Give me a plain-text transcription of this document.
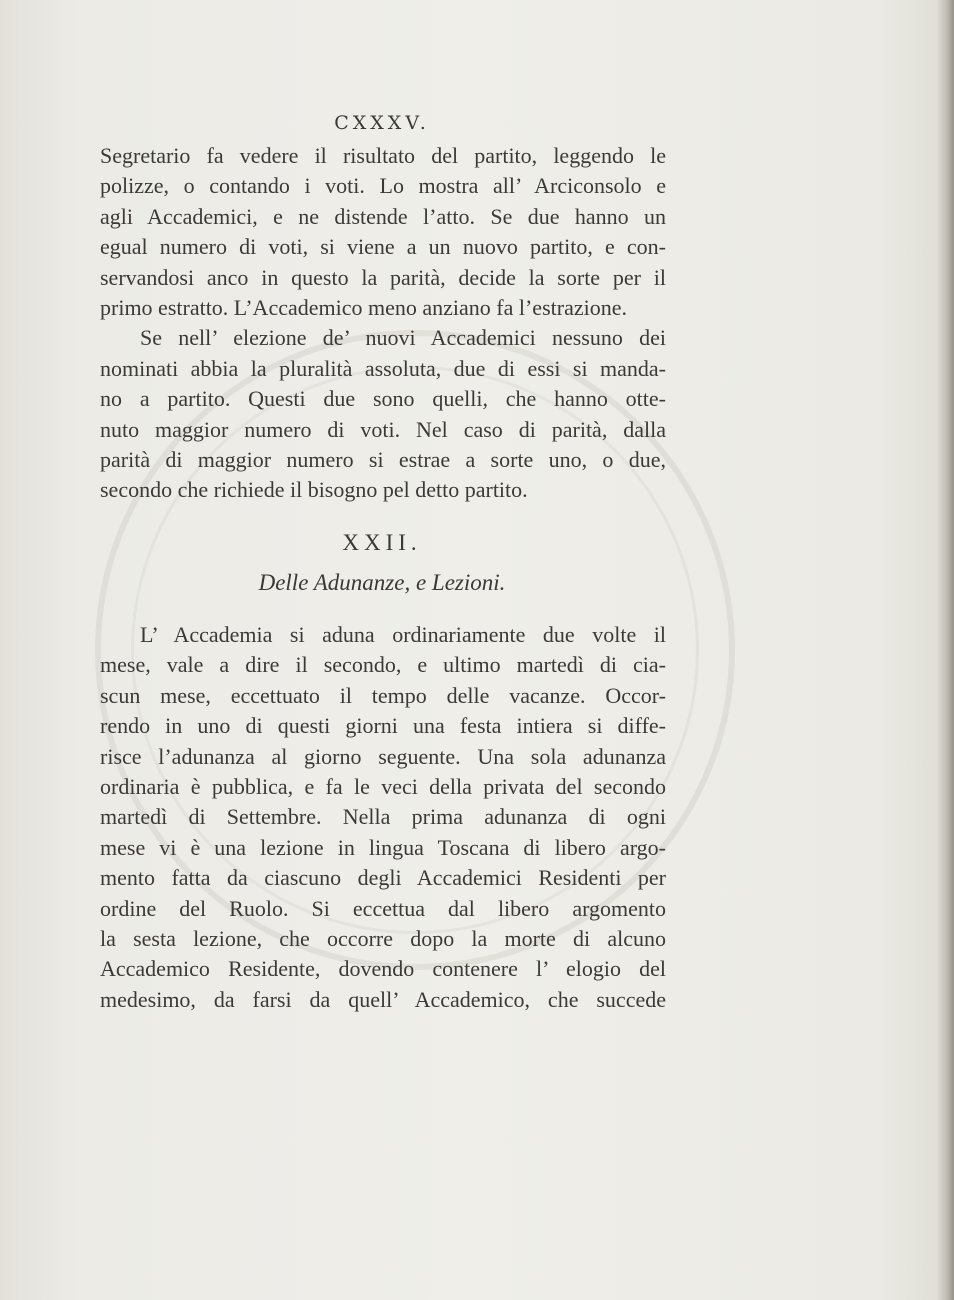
CXXXV.
Segretario fa vedere il risultato del partito, leggendo le
polizze, o contando i voti. Lo mostra all’ Arciconsolo e
agli Accademici, e ne distende l’atto. Se due hanno un
egual numero di voti, si viene a un nuovo partito, e con-
servandosi anco in questo la parità, decide la sorte per il
primo estratto. L’Accademico meno anziano fa l’estrazione.
Se nell’ elezione de’ nuovi Accademici nessuno dei
nominati abbia la pluralità assoluta, due di essi si manda-
no a partito. Questi due sono quelli, che hanno otte-
nuto maggior numero di voti. Nel caso di parità, dalla
parità di maggior numero si estrae a sorte uno, o due,
secondo che richiede il bisogno pel detto partito.
XXII.
Delle Adunanze, e Lezioni.
L’ Accademia si aduna ordinariamente due volte il
mese, vale a dire il secondo, e ultimo martedì di cia-
scun mese, eccettuato il tempo delle vacanze. Occor-
rendo in uno di questi giorni una festa intiera si diffe-
risce l’adunanza al giorno seguente. Una sola adunanza
ordinaria è pubblica, e fa le veci della privata del secondo
martedì di Settembre. Nella prima adunanza di ogni
mese vi è una lezione in lingua Toscana di libero argo-
mento fatta da ciascuno degli Accademici Residenti per
ordine del Ruolo. Si eccettua dal libero argomento
la sesta lezione, che occorre dopo la morte di alcuno
Accademico Residente, dovendo contenere l’ elogio del
medesimo, da farsi da quell’ Accademico, che succede
